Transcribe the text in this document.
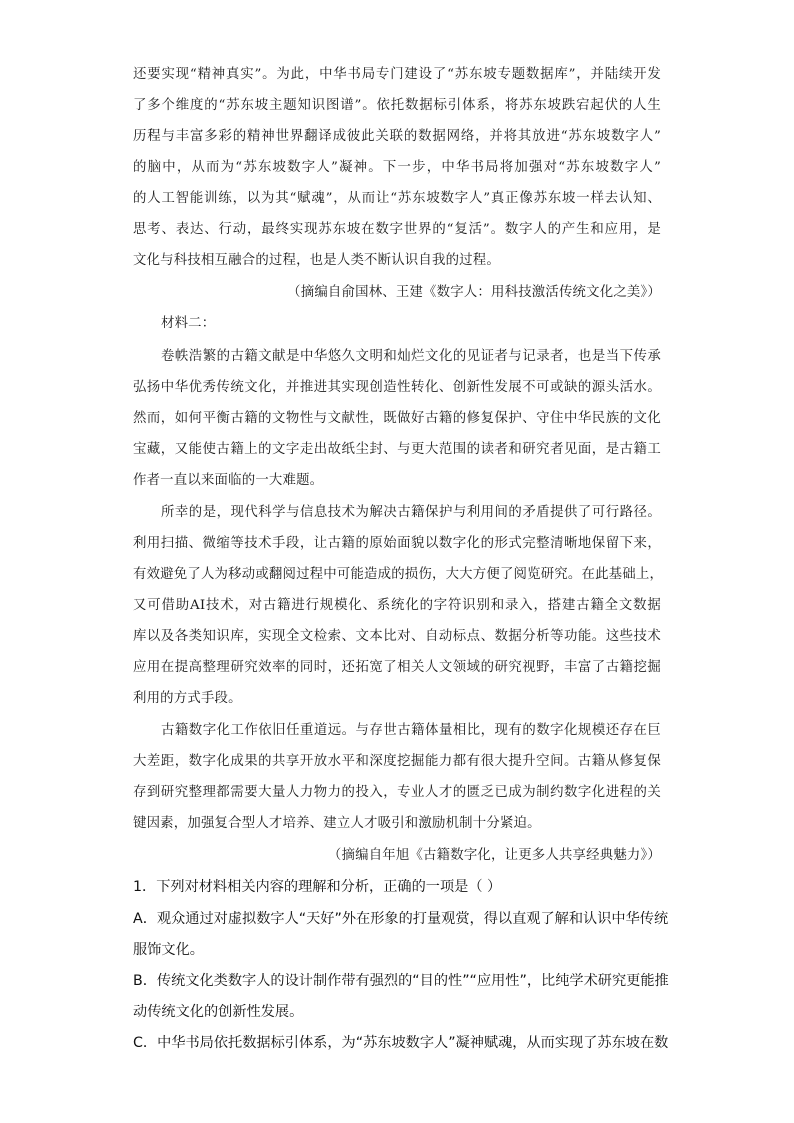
还要实现“精神真实”。为此，中华书局专门建设了“苏东坡专题数据库”，并陆续开发
了多个维度的“苏东坡主题知识图谱”。依托数据标引体系，将苏东坡跌宕起伏的人生
历程与丰富多彩的精神世界翻译成彼此关联的数据网络，并将其放进“苏东坡数字人”
的脑中，从而为“苏东坡数字人”凝神。下一步，中华书局将加强对“苏东坡数字人”
的人工智能训练，以为其“赋魂”，从而让“苏东坡数字人”真正像苏东坡一样去认知、
思考、表达、行动，最终实现苏东坡在数字世界的“复活”。数字人的产生和应用，是
文化与科技相互融合的过程，也是人类不断认识自我的过程。
（摘编自俞国林、王建《数字人：用科技激活传统文化之美》）
材料二：
卷帙浩繁的古籍文献是中华悠久文明和灿烂文化的见证者与记录者，也是当下传承
弘扬中华优秀传统文化，并推进其实现创造性转化、创新性发展不可或缺的源头活水。
然而，如何平衡古籍的文物性与文献性，既做好古籍的修复保护、守住中华民族的文化
宝藏，又能使古籍上的文字走出故纸尘封、与更大范围的读者和研究者见面，是古籍工
作者一直以来面临的一大难题。
所幸的是，现代科学与信息技术为解决古籍保护与利用间的矛盾提供了可行路径。
利用扫描、微缩等技术手段，让古籍的原始面貌以数字化的形式完整清晰地保留下来，
有效避免了人为移动或翻阅过程中可能造成的损伤，大大方便了阅览研究。在此基础上，
又可借助AI技术，对古籍进行规模化、系统化的字符识别和录入，搭建古籍全文数据
库以及各类知识库，实现全文检索、文本比对、自动标点、数据分析等功能。这些技术
应用在提高整理研究效率的同时，还拓宽了相关人文领域的研究视野，丰富了古籍挖掘
利用的方式手段。
古籍数字化工作依旧任重道远。与存世古籍体量相比，现有的数字化规模还存在巨
大差距，数字化成果的共享开放水平和深度挖掘能力都有很大提升空间。古籍从修复保
存到研究整理都需要大量人力物力的投入，专业人才的匮乏已成为制约数字化进程的关
键因素，加强复合型人才培养、建立人才吸引和激励机制十分紧迫。
（摘编自年旭《古籍数字化，让更多人共享经典魅力》）
1．下列对材料相关内容的理解和分析，正确的一项是（ ）
A．观众通过对虚拟数字人“天好”外在形象的打量观赏，得以直观了解和认识中华传统
服饰文化。
B．传统文化类数字人的设计制作带有强烈的“目的性”“应用性”，比纯学术研究更能推
动传统文化的创新性发展。
C．中华书局依托数据标引体系，为“苏东坡数字人”凝神赋魂，从而实现了苏东坡在数
